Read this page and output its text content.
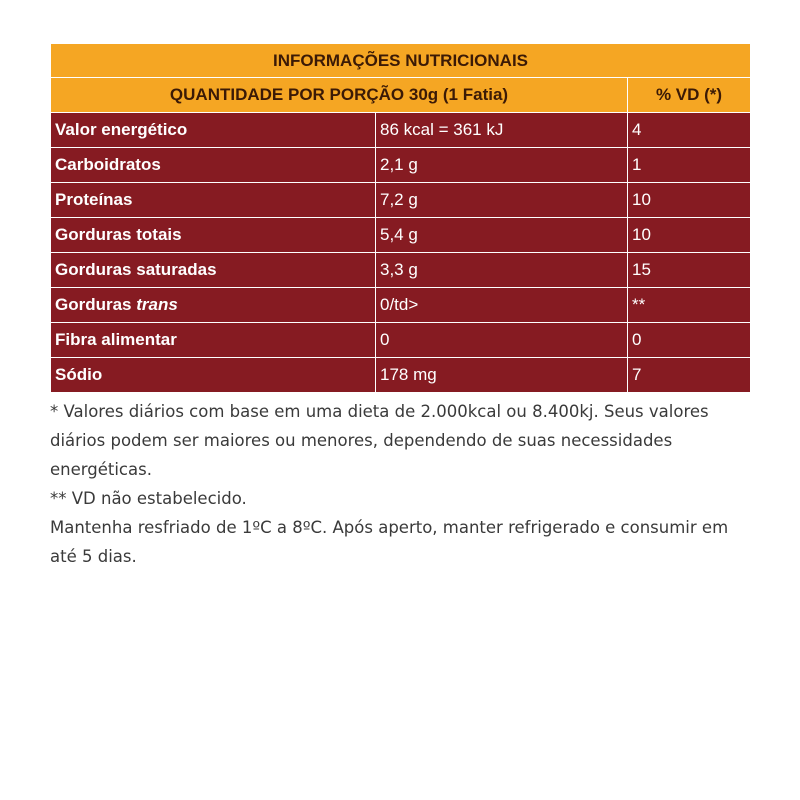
INFORMAÇÕES NUTRICIONAIS		
QUANTIDADE POR PORÇÃO 30g (1 Fatia)		% VD (*)
Valor energético	86 kcal = 361 kJ	4
Carboidratos	2,1 g	1
Proteínas	7,2 g	10
Gorduras totais	5,4 g	10
Gorduras saturadas	3,3 g	15
Gorduras trans	0/td>	**
Fibra alimentar	0	0
Sódio	178 mg	7

* Valores diários com base em uma dieta de 2.000kcal ou 8.400kj. Seus valores diários podem ser maiores ou menores, dependendo de suas necessidades energéticas.

** VD não estabelecido.

Mantenha resfriado de 1ºC a 8ºC. Após aperto, manter refrigerado e consumir em até 5 dias.
